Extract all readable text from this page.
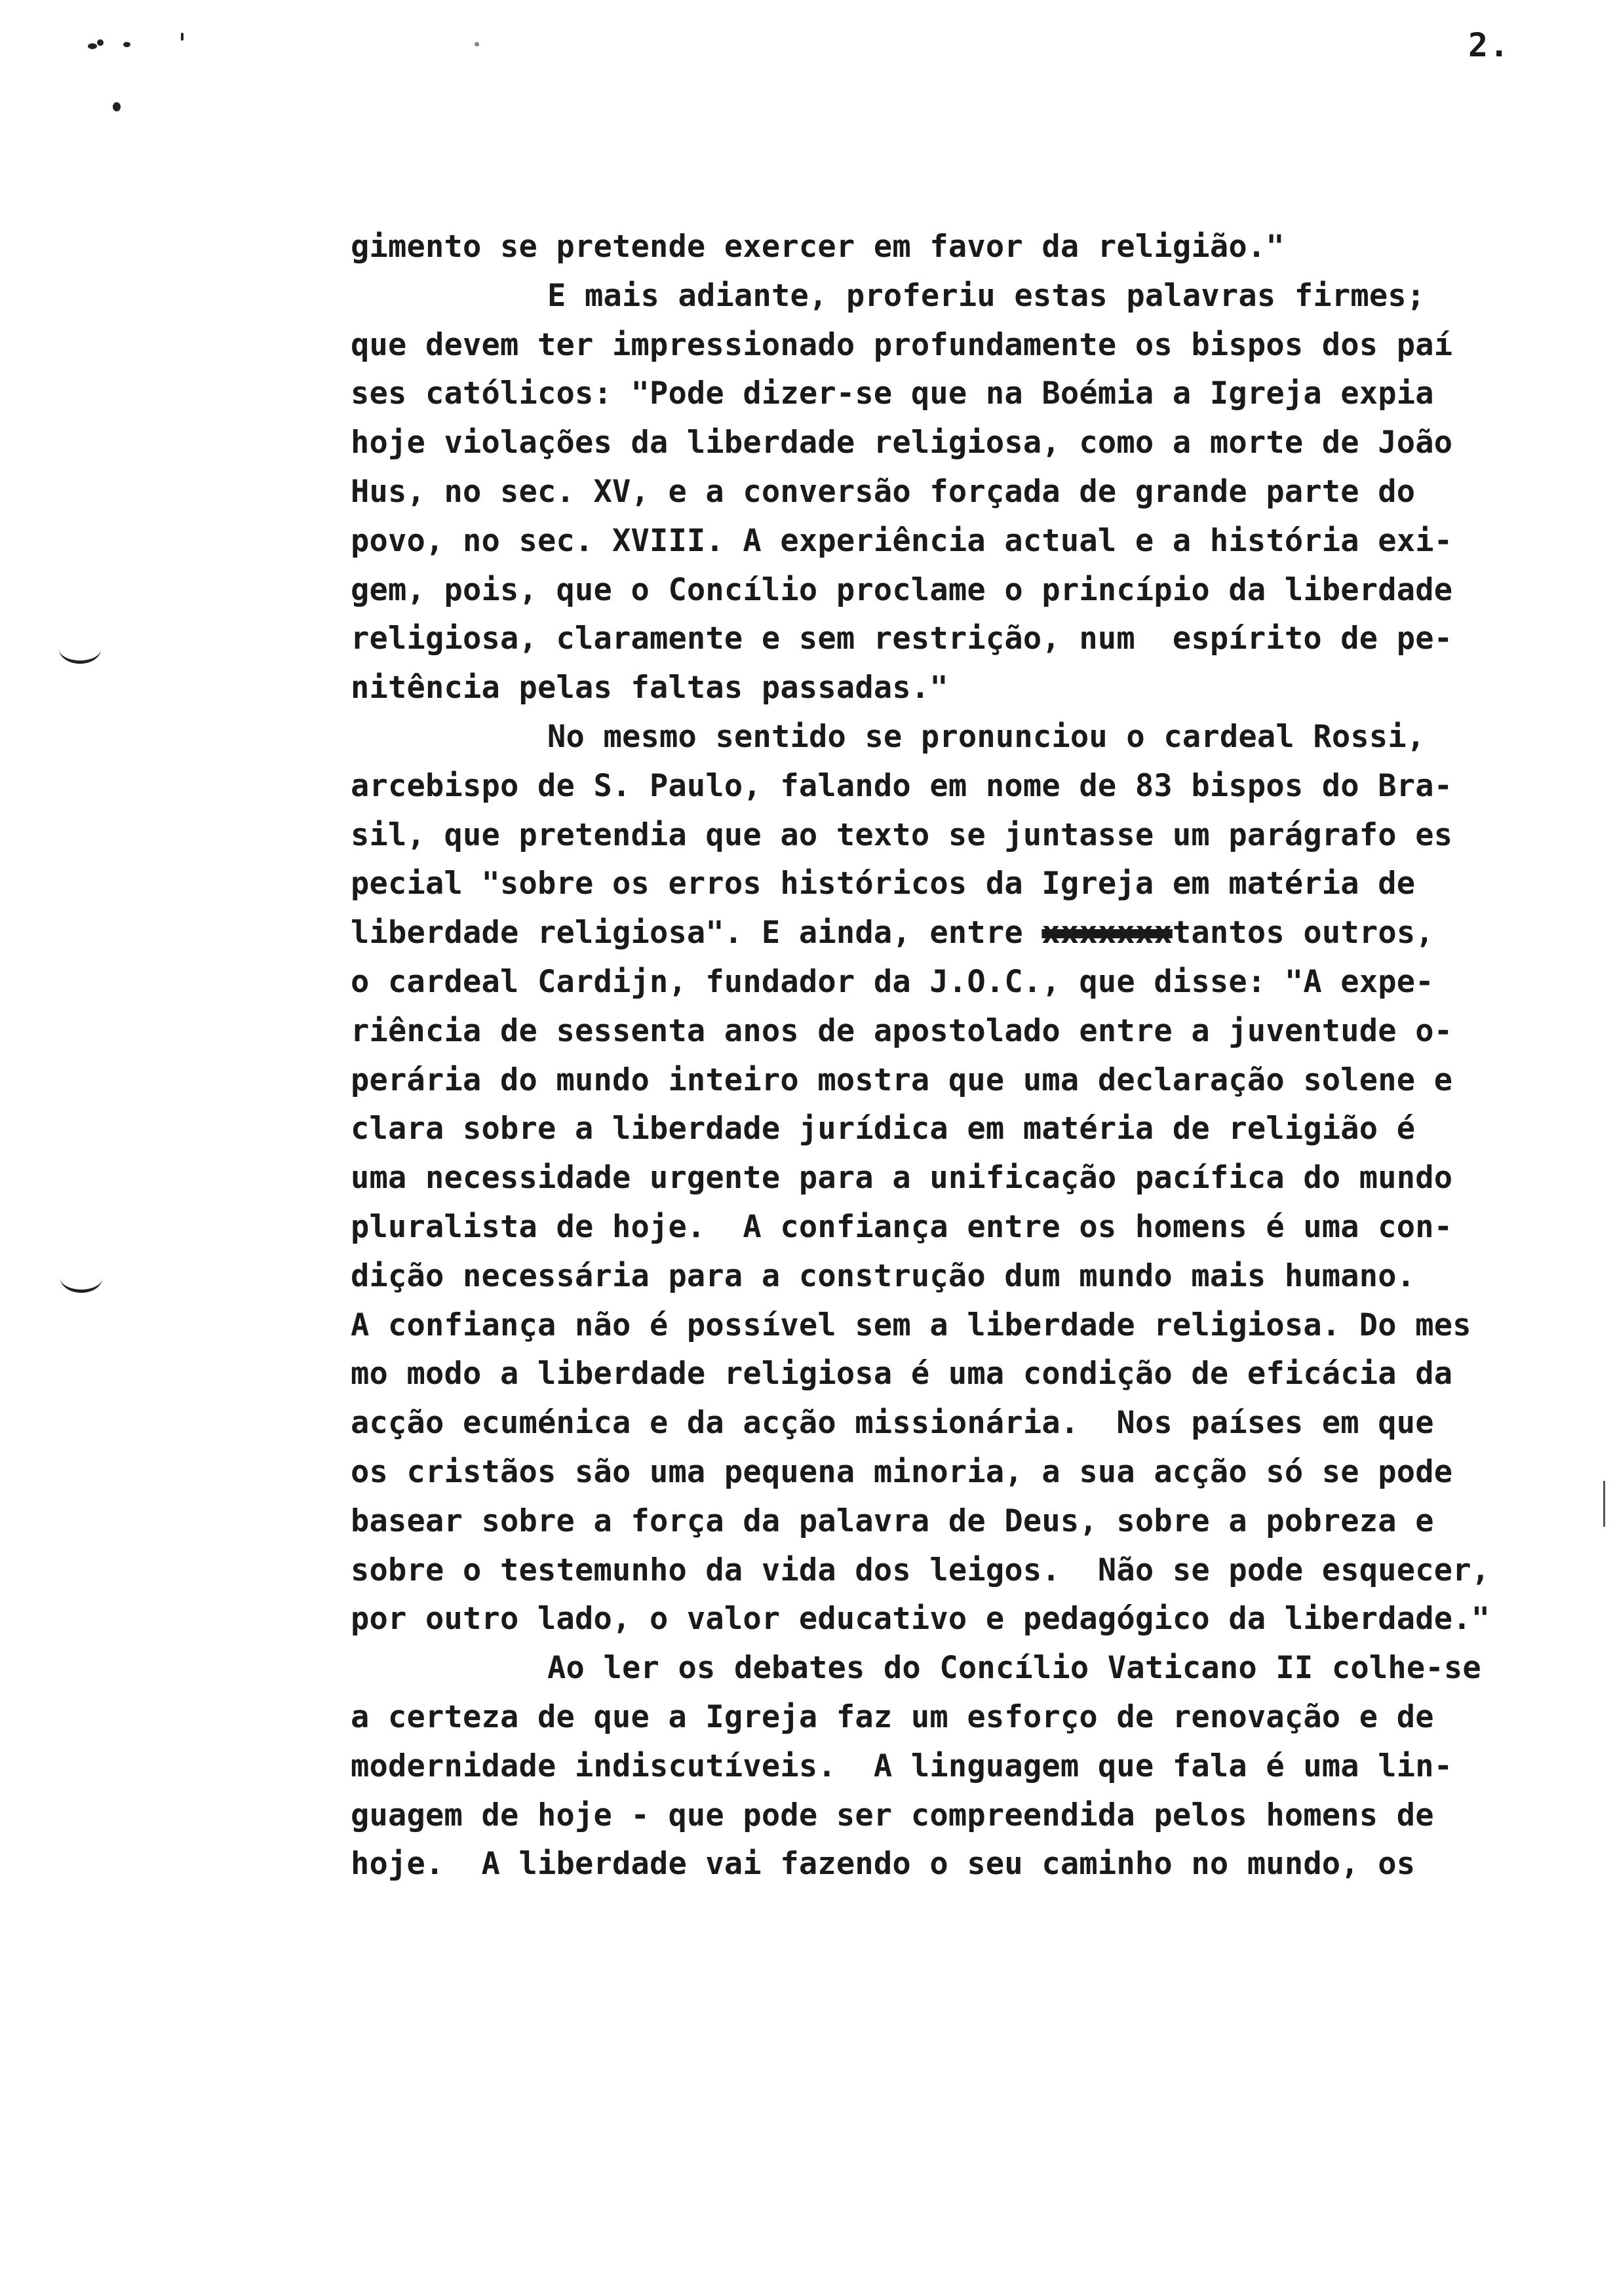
2.
gimento se pretende exercer em favor da religião."
E mais adiante, proferiu estas palavras firmes;
que devem ter impressionado profundamente os bispos dos paí
ses católicos: "Pode dizer-se que na Boémia a Igreja expia
hoje violações da liberdade religiosa, como a morte de João
Hus, no sec. XV, e a conversão forçada de grande parte do
povo, no sec. XVIII. A experiência actual e a história exi-
gem, pois, que o Concílio proclame o princípio da liberdade
religiosa, claramente e sem restrição, num  espírito de pe-
nitência pelas faltas passadas."
No mesmo sentido se pronunciou o cardeal Rossi,
arcebispo de S. Paulo, falando em nome de 83 bispos do Bra-
sil, que pretendia que ao texto se juntasse um parágrafo es
pecial "sobre os erros históricos da Igreja em matéria de
liberdade religiosa". E ainda, entre xxxxxxxtantos outros,
o cardeal Cardijn, fundador da J.O.C., que disse: "A expe-
riência de sessenta anos de apostolado entre a juventude o-
perária do mundo inteiro mostra que uma declaração solene e
clara sobre a liberdade jurídica em matéria de religião é
uma necessidade urgente para a unificação pacífica do mundo
pluralista de hoje.  A confiança entre os homens é uma con-
dição necessária para a construção dum mundo mais humano.
A confiança não é possível sem a liberdade religiosa. Do mes
mo modo a liberdade religiosa é uma condição de eficácia da
acção ecuménica e da acção missionária.  Nos países em que
os cristãos são uma pequena minoria, a sua acção só se pode
basear sobre a força da palavra de Deus, sobre a pobreza e
sobre o testemunho da vida dos leigos.  Não se pode esquecer,
por outro lado, o valor educativo e pedagógico da liberdade."
Ao ler os debates do Concílio Vaticano II colhe-se
a certeza de que a Igreja faz um esforço de renovação e de
modernidade indiscutíveis.  A linguagem que fala é uma lin-
guagem de hoje - que pode ser compreendida pelos homens de
hoje.  A liberdade vai fazendo o seu caminho no mundo, os
